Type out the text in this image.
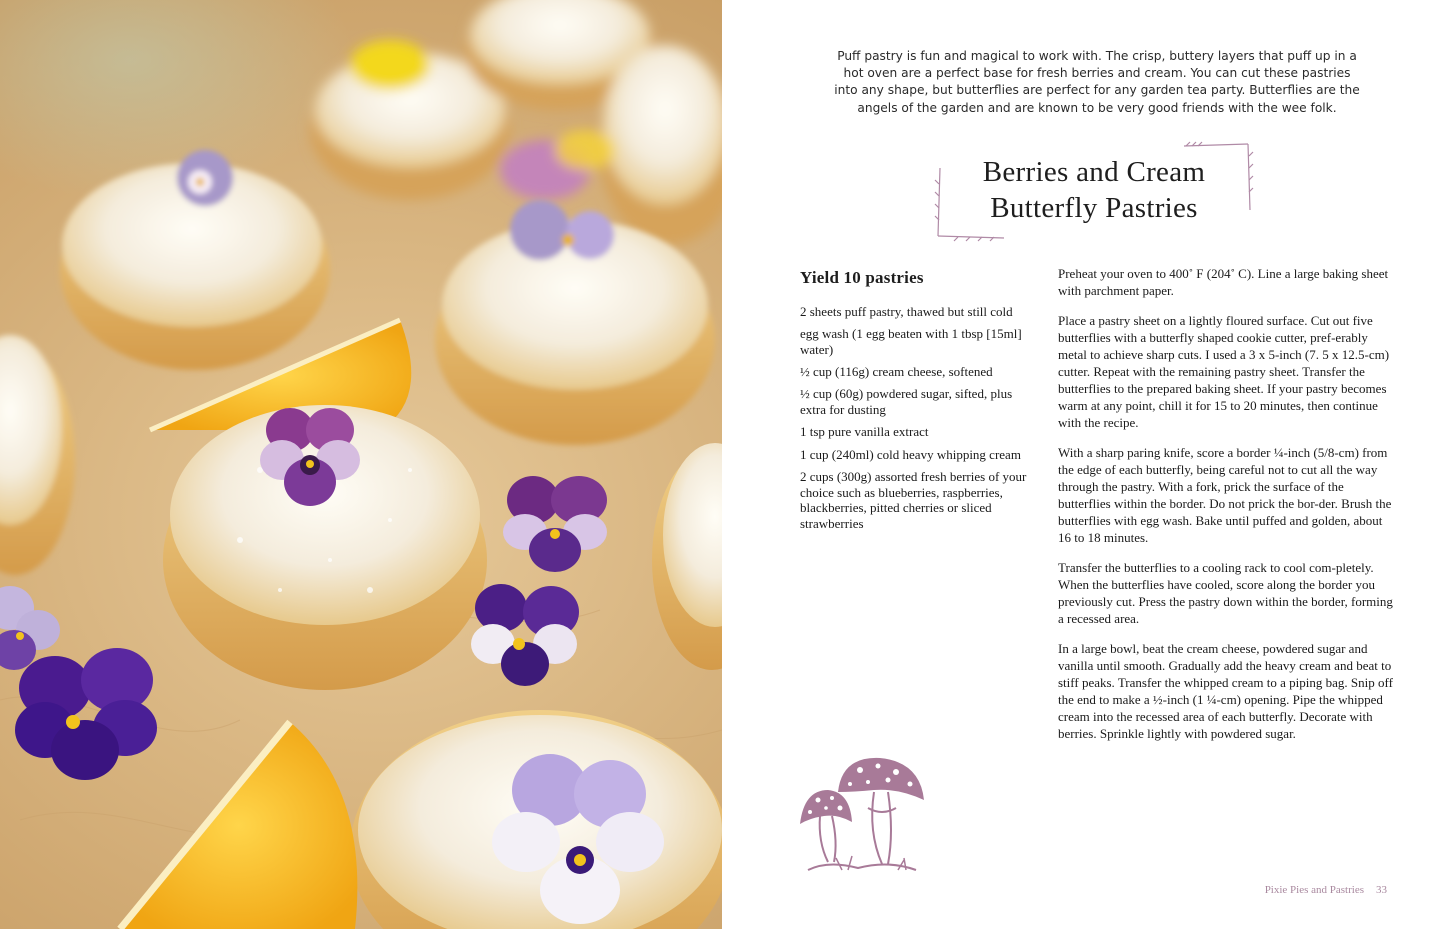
Puff pastry is fun and magical to work with. The crisp, buttery layers that puff up in a hot oven are a perfect base for fresh berries and cream. You can cut these pastries into any shape, but butterflies are perfect for any garden tea party. Butterflies are the angels of the garden and are known to be very good friends with the wee folk.

Berries and Cream
Butterfly Pastries
Yield 10 pastries
2 sheets puff pastry, thawed but still cold
egg wash (1 egg beaten with 1 tbsp [15ml] water)
½ cup (116g) cream cheese, softened
½ cup (60g) powdered sugar, sifted, plus extra for dusting
1 tsp pure vanilla extract
1 cup (240ml) cold heavy whipping cream
2 cups (300g) assorted fresh berries of your choice such as blueberries, raspberries, blackberries, pitted cherries or sliced strawberries

Preheat your oven to 400˚ F (204˚ C). Line a large baking sheet with parchment paper.

Place a pastry sheet on a lightly floured surface. Cut out five butterflies with a butterfly shaped cookie cutter, pref-erably metal to achieve sharp cuts. I used a 3 x 5-inch (7. 5 x 12.5-cm) cutter. Repeat with the remaining pastry sheet. Transfer the butterflies to the prepared baking sheet. If your pastry becomes warm at any point, chill it for 15 to 20 minutes, then continue with the recipe.

With a sharp paring knife, score a border ¼-inch (5/8-cm) from the edge of each butterfly, being careful not to cut all the way through the pastry. With a fork, prick the surface of the butterflies within the border. Do not prick the bor-der. Brush the butterflies with egg wash. Bake until puffed and golden, about 16 to 18 minutes.

Transfer the butterflies to a cooling rack to cool com-pletely. When the butterflies have cooled, score along the border you previously cut. Press the pastry down within the border, forming a recessed area.

In a large bowl, beat the cream cheese, powdered sugar and vanilla until smooth. Gradually add the heavy cream and beat to stiff peaks. Transfer the whipped cream to a piping bag. Snip off the end to make a ½-inch (1 ¼-cm) opening. Pipe the whipped cream into the recessed area of each butterfly. Decorate with berries. Sprinkle lightly with powdered sugar.

Pixie Pies and Pastries 33
